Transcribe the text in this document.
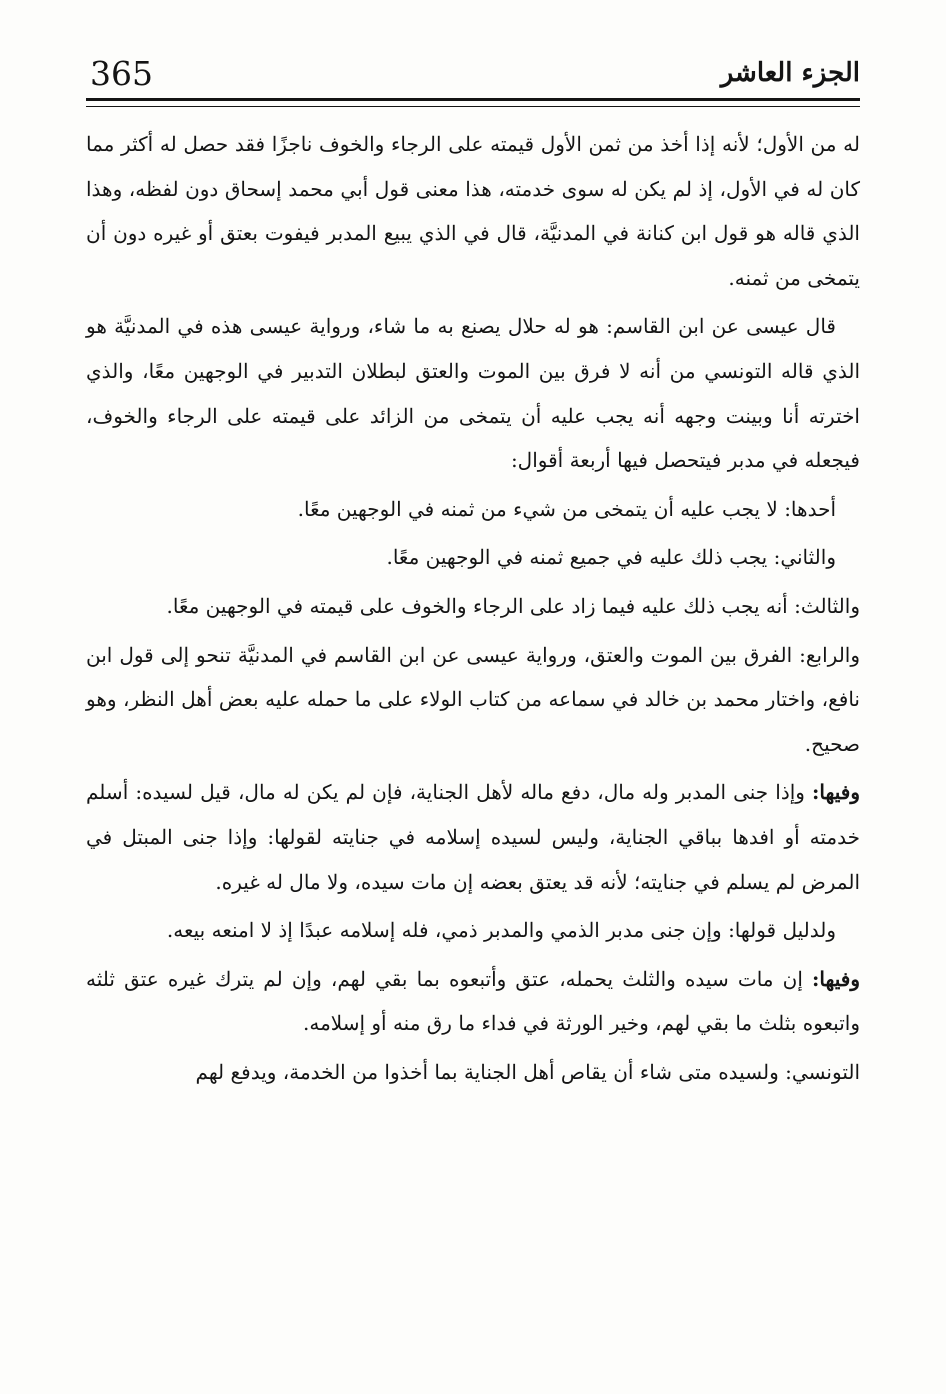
365	الجزء العاشر

له من الأول؛ لأنه إذا أخذ من ثمن الأول قيمته على الرجاء والخوف ناجزًا فقد حصل له أكثر مما كان له في الأول، إذ لم يكن له سوى خدمته، هذا معنى قول أبي محمد إسحاق دون لفظه، وهذا الذي قاله هو قول ابن كنانة في المدنيَّة، قال في الذي يبيع المدبر فيفوت بعتق أو غيره دون أن يتمخى من ثمنه.

قال عيسى عن ابن القاسم: هو له حلال يصنع به ما شاء، ورواية عيسى هذه في المدنيَّة هو الذي قاله التونسي من أنه لا فرق بين الموت والعتق لبطلان التدبير في الوجهين معًا، والذي اخترته أنا وبينت وجهه أنه يجب عليه أن يتمخى من الزائد على قيمته على الرجاء والخوف، فيجعله في مدبر فيتحصل فيها أربعة أقوال:

أحدها: لا يجب عليه أن يتمخى من شيء من ثمنه في الوجهين معًا.

والثاني: يجب ذلك عليه في جميع ثمنه في الوجهين معًا.

والثالث: أنه يجب ذلك عليه فيما زاد على الرجاء والخوف على قيمته في الوجهين معًا.

والرابع: الفرق بين الموت والعتق، ورواية عيسى عن ابن القاسم في المدنيَّة تنحو إلى قول ابن نافع، واختار محمد بن خالد في سماعه من كتاب الولاء على ما حمله عليه بعض أهل النظر، وهو صحيح.

وفيها: وإذا جنى المدبر وله مال، دفع ماله لأهل الجناية، فإن لم يكن له مال، قيل لسيده: أسلم خدمته أو افدها بباقي الجناية، وليس لسيده إسلامه في جنايته لقولها: وإذا جنى المبتل في المرض لم يسلم في جنايته؛ لأنه قد يعتق بعضه إن مات سيده، ولا مال له غيره.

ولدليل قولها: وإن جنى مدبر الذمي والمدبر ذمي، فله إسلامه عبدًا إذ لا امنعه بيعه.

وفيها: إن مات سيده والثلث يحمله، عتق وأتبعوه بما بقي لهم، وإن لم يترك غيره عتق ثلثه واتبعوه بثلث ما بقي لهم، وخير الورثة في فداء ما رق منه أو إسلامه.

التونسي: ولسيده متى شاء أن يقاص أهل الجناية بما أخذوا من الخدمة، ويدفع لهم
